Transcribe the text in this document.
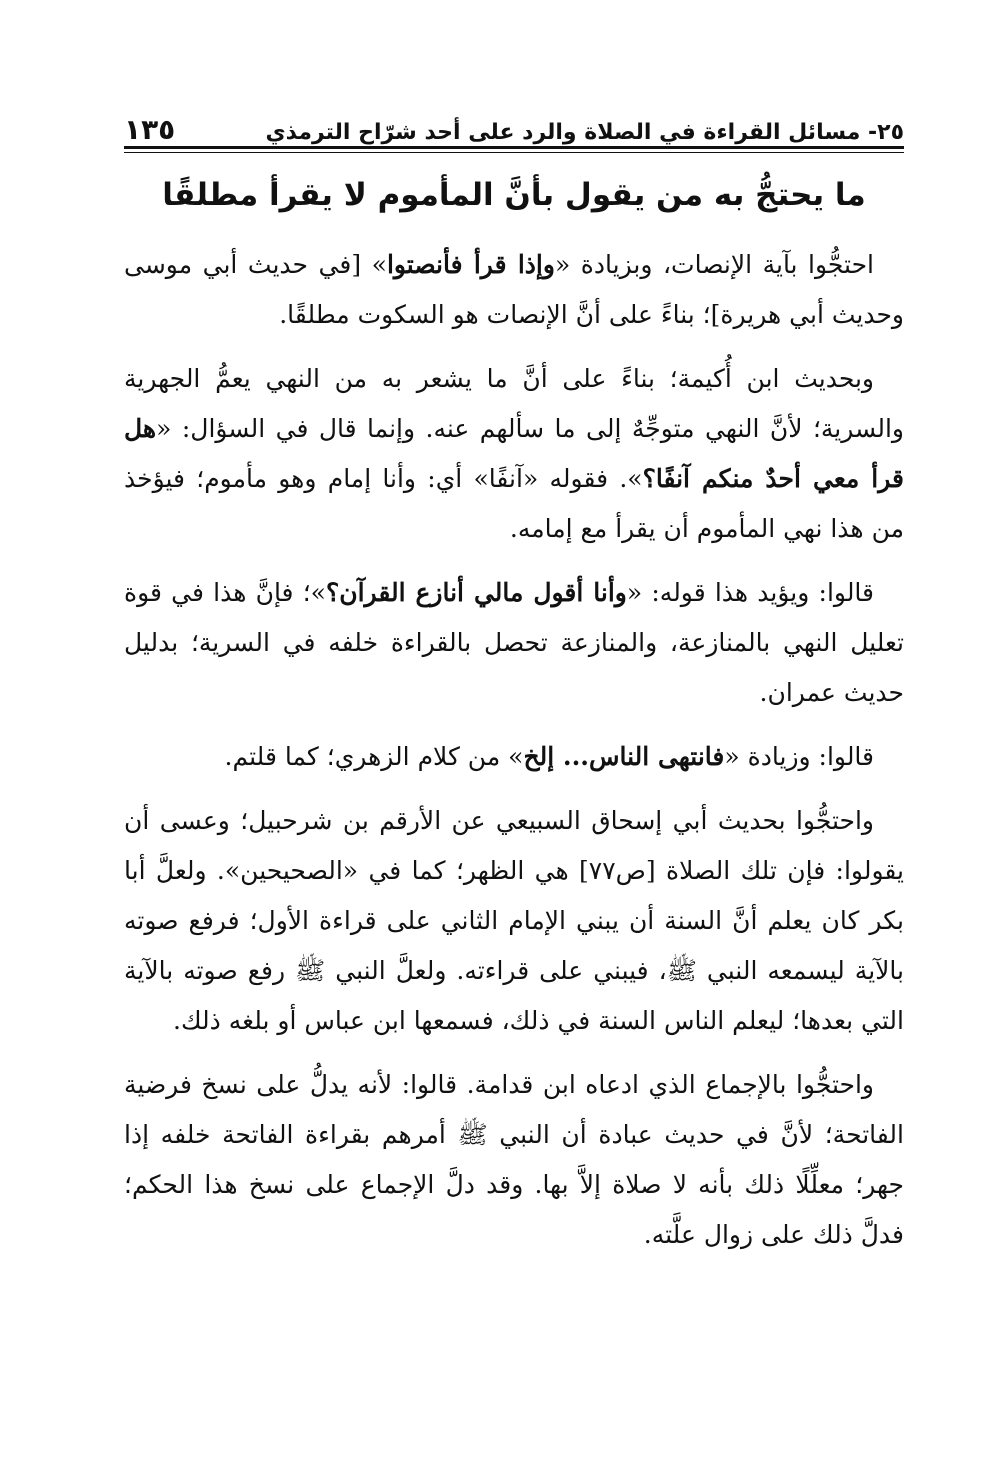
٢٥- مسائل القراءة في الصلاة والرد على أحد شرّاح الترمذي
١٣٥
ما يحتجُّ به من يقول بأنَّ المأموم لا يقرأ مطلقًا

احتجُّوا بآية الإنصات، وبزيادة «وإذا قرأ فأنصتوا» [في حديث أبي موسى وحديث أبي هريرة]؛ بناءً على أنَّ الإنصات هو السكوت مطلقًا.

وبحديث ابن أُكيمة؛ بناءً على أنَّ ما يشعر به من النهي يعمُّ الجهرية والسرية؛ لأنَّ النهي متوجِّهٌ إلى ما سألهم عنه. وإنما قال في السؤال: «هل قرأ معي أحدٌ منكم آنفًا؟». فقوله «آنفًا» أي: وأنا إمام وهو مأموم؛ فيؤخذ من هذا نهي المأموم أن يقرأ مع إمامه.

قالوا: ويؤيد هذا قوله: «وأنا أقول مالي أنازع القرآن؟»؛ فإنَّ هذا في قوة تعليل النهي بالمنازعة، والمنازعة تحصل بالقراءة خلفه في السرية؛ بدليل حديث عمران.

قالوا: وزيادة «فانتهى الناس... إلخ» من كلام الزهري؛ كما قلتم.

واحتجُّوا بحديث أبي إسحاق السبيعي عن الأرقم بن شرحبيل؛ وعسى أن يقولوا: فإن تلك الصلاة [ص٧٧] هي الظهر؛ كما في «الصحيحين». ولعلَّ أبا بكر كان يعلم أنَّ السنة أن يبني الإمام الثاني على قراءة الأول؛ فرفع صوته بالآية ليسمعه النبي ﷺ، فيبني على قراءته. ولعلَّ النبي ﷺ رفع صوته بالآية التي بعدها؛ ليعلم الناس السنة في ذلك، فسمعها ابن عباس أو بلغه ذلك.

واحتجُّوا بالإجماع الذي ادعاه ابن قدامة. قالوا: لأنه يدلُّ على نسخ فرضية الفاتحة؛ لأنَّ في حديث عبادة أن النبي ﷺ أمرهم بقراءة الفاتحة خلفه إذا جهر؛ معلِّلًا ذلك بأنه لا صلاة إلاَّ بها. وقد دلَّ الإجماع على نسخ هذا الحكم؛ فدلَّ ذلك على زوال علَّته.
